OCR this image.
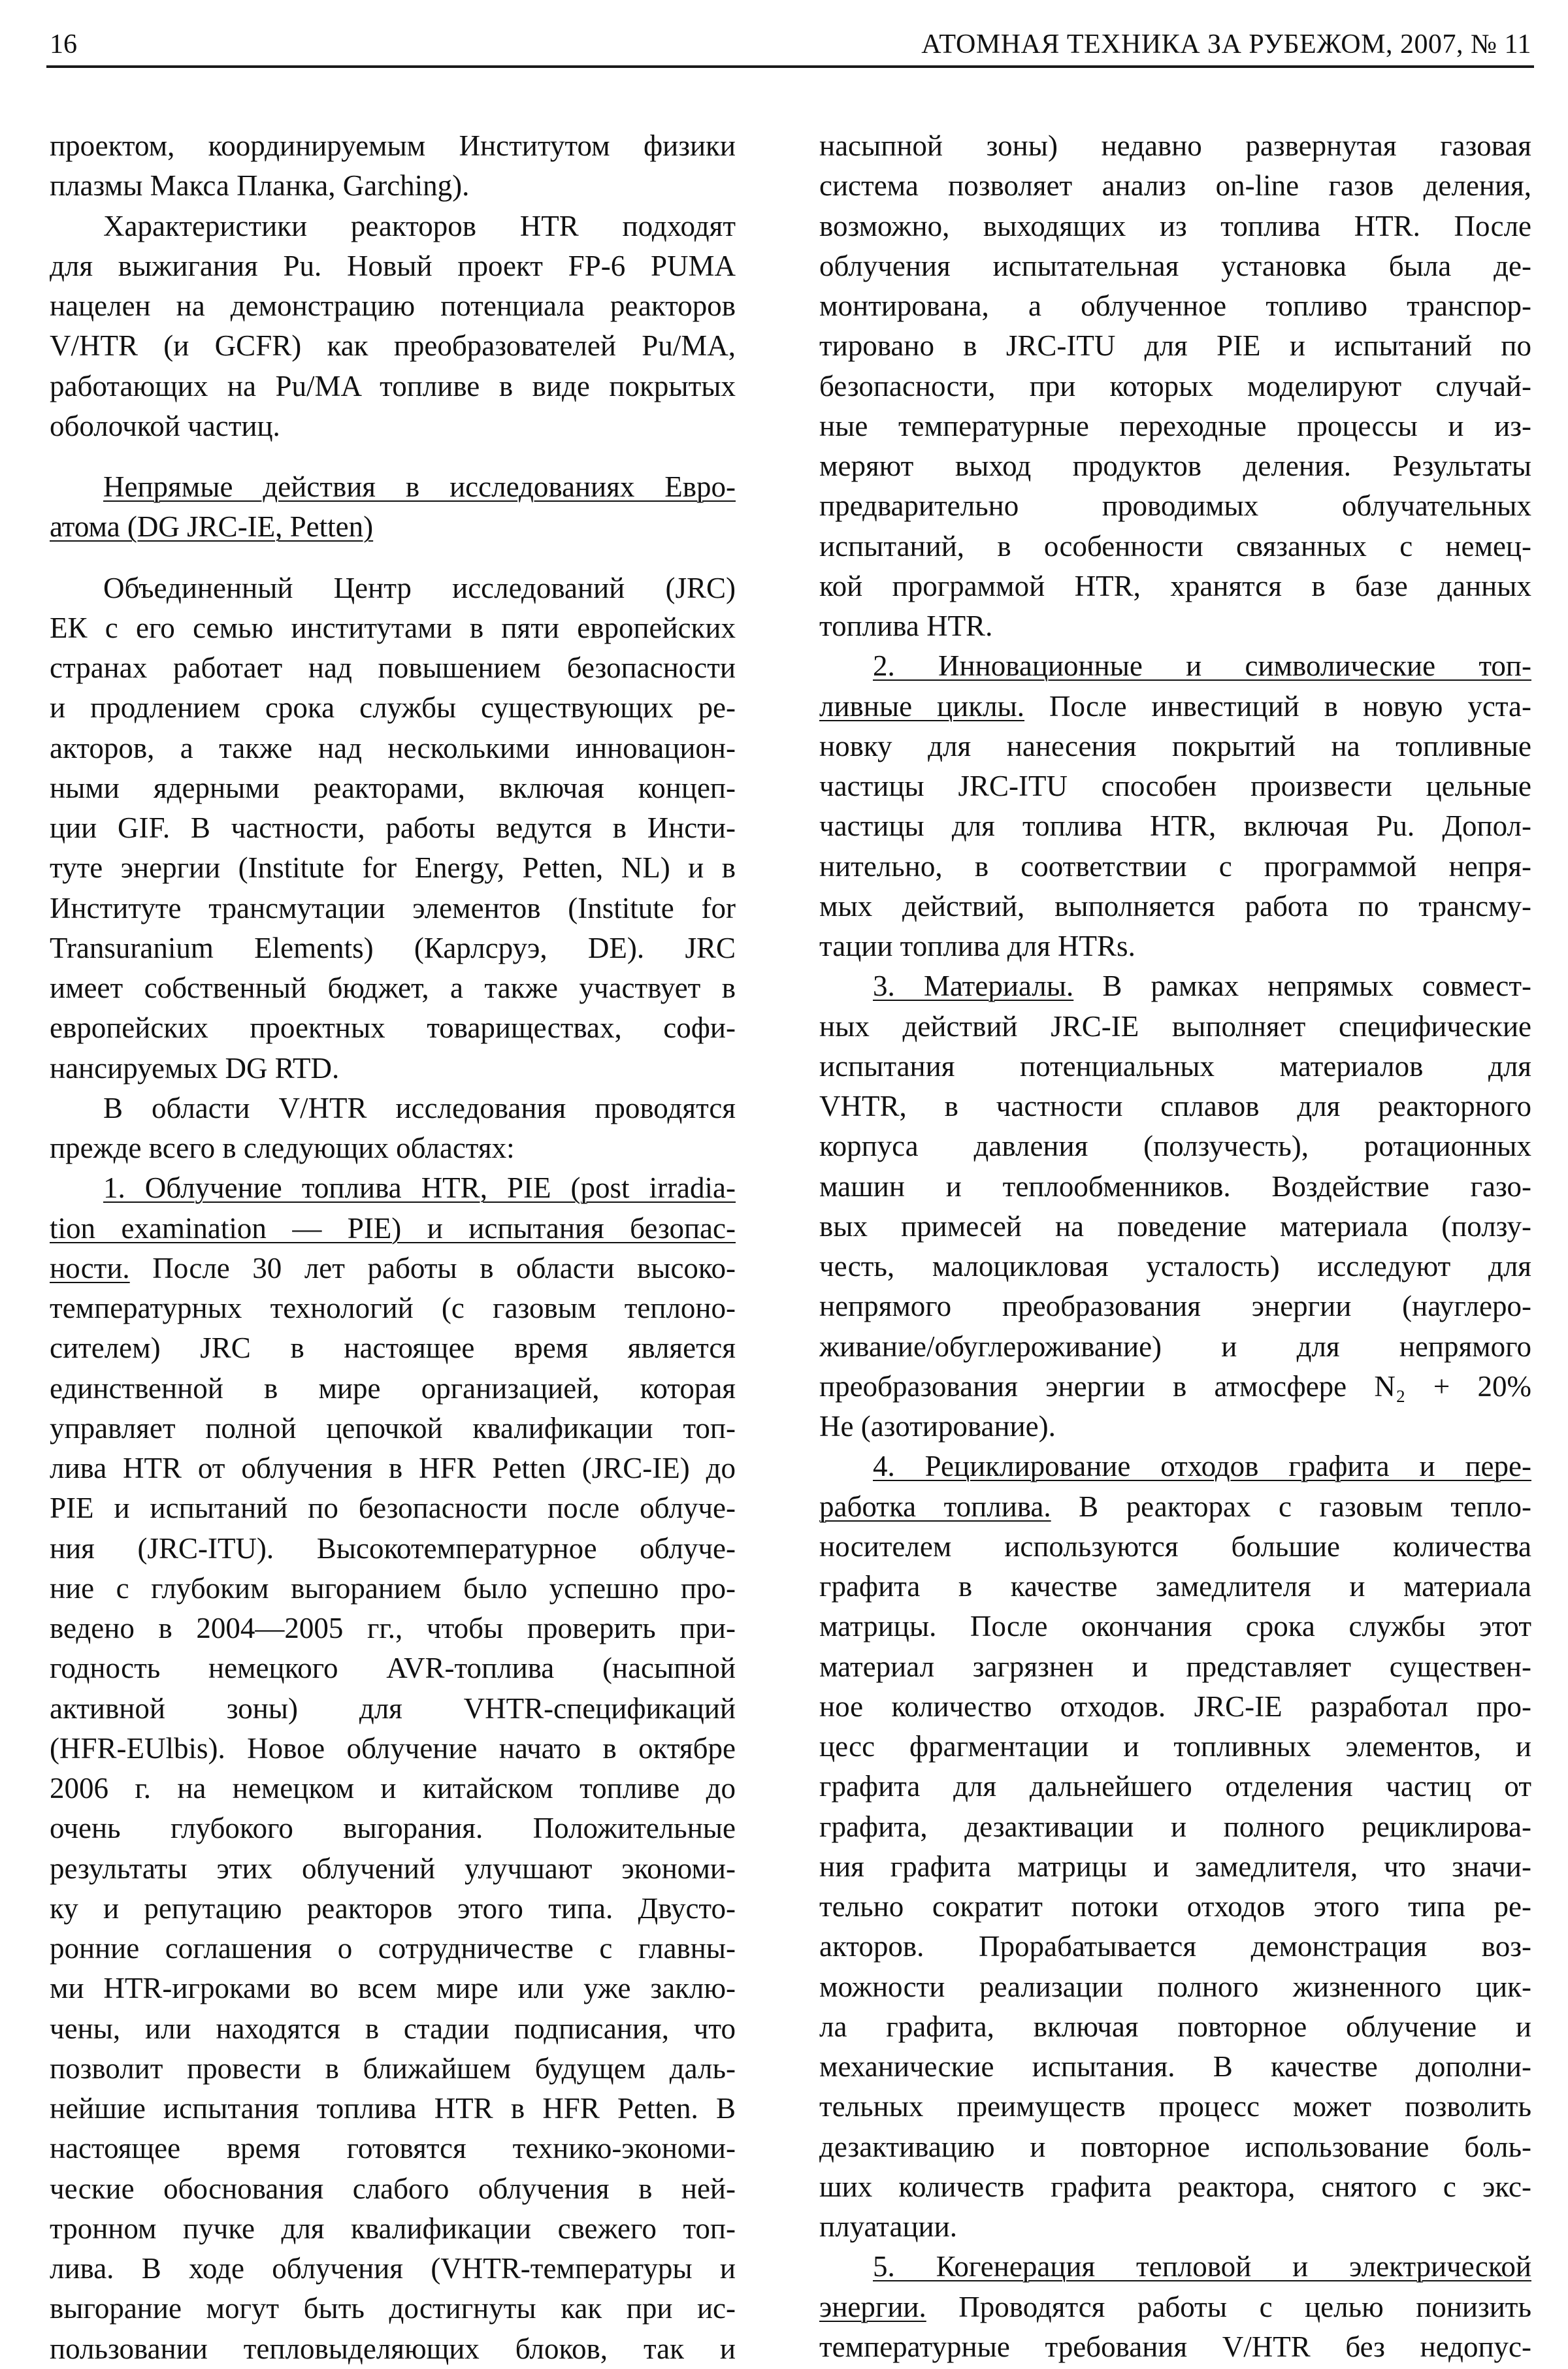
16	АТОМНАЯ ТЕХНИКА ЗА РУБЕЖОМ, 2007, № 11
проектом, координируемым Институтом физики
плазмы Макса Планка, Garching).
Характеристики реакторов HTR подходят
для выжигания Pu. Новый проект FP-6 PUMA
нацелен на демонстрацию потенциала реакторов
V/HTR (и GCFR) как преобразователей Pu/MA,
работающих на Pu/MA топливе в виде покрытых
оболочкой частиц.
Непрямые действия в исследованиях Евро-
атома (DG JRC-IE, Petten)
Объединенный Центр исследований (JRC)
ЕК с его семью институтами в пяти европейских
странах работает над повышением безопасности
и продлением срока службы существующих ре-
акторов, а также над несколькими инновацион-
ными ядерными реакторами, включая концеп-
ции GIF. В частности, работы ведутся в Инсти-
туте энергии (Institute for Energy, Petten, NL) и в
Институте трансмутации элементов (Institute for
Transuranium Elements) (Карлсруэ, DE). JRC
имеет собственный бюджет, а также участвует в
европейских проектных товариществах, софи-
нансируемых DG RTD.
В области V/HTR исследования проводятся
прежде всего в следующих областях:
1. Облучение топлива HTR, PIE (post irradia-
tion examination — PIE) и испытания безопас-
ности. После 30 лет работы в области высоко-
температурных технологий (с газовым теплоно-
сителем) JRC в настоящее время является
единственной в мире организацией, которая
управляет полной цепочкой квалификации топ-
лива HTR от облучения в HFR Petten (JRC-IE) до
PIE и испытаний по безопасности после облуче-
ния (JRC-ITU). Высокотемпературное облуче-
ние с глубоким выгоранием было успешно про-
ведено в 2004—2005 гг., чтобы проверить при-
годность немецкого AVR-топлива (насыпной
активной зоны) для VHTR-спецификаций
(HFR-EUlbis). Новое облучение начато в октябре
2006 г. на немецком и китайском топливе до
очень глубокого выгорания. Положительные
результаты этих облучений улучшают экономи-
ку и репутацию реакторов этого типа. Двусто-
ронние соглашения о сотрудничестве с главны-
ми HTR-игроками во всем мире или уже заклю-
чены, или находятся в стадии подписания, что
позволит провести в ближайшем будущем даль-
нейшие испытания топлива HTR в HFR Petten. В
настоящее время готовятся технико-экономи-
ческие обоснования слабого облучения в ней-
тронном пучке для квалификации свежего топ-
лива. В ходе облучения (VHTR-температуры и
выгорание могут быть достигнуты как при ис-
пользовании тепловыделяющих блоков, так и
насыпной зоны) недавно развернутая газовая
система позволяет анализ on-line газов деления,
возможно, выходящих из топлива HTR. После
облучения испытательная установка была де-
монтирована, а облученное топливо транспор-
тировано в JRC-ITU для PIE и испытаний по
безопасности, при которых моделируют случай-
ные температурные переходные процессы и из-
меряют выход продуктов деления. Результаты
предварительно проводимых облучательных
испытаний, в особенности связанных с немец-
кой программой HTR, хранятся в базе данных
топлива HTR.
2. Инновационные и символические топ-
ливные циклы. После инвестиций в новую уста-
новку для нанесения покрытий на топливные
частицы JRC-ITU способен произвести цельные
частицы для топлива HTR, включая Pu. Допол-
нительно, в соответствии с программой непря-
мых действий, выполняется работа по трансму-
тации топлива для HTRs.
3. Материалы. В рамках непрямых совмест-
ных действий JRC-IE выполняет специфические
испытания потенциальных материалов для
VHTR, в частности сплавов для реакторного
корпуса давления (ползучесть), ротационных
машин и теплообменников. Воздействие газо-
вых примесей на поведение материала (ползу-
честь, малоцикловая усталость) исследуют для
непрямого преобразования энергии (науглеро-
живание/обуглероживание) и для непрямого
преобразования энергии в атмосфере N₂ + 20%
He (азотирование).
4. Рециклирование отходов графита и пере-
работка топлива. В реакторах с газовым тепло-
носителем используются большие количества
графита в качестве замедлителя и материала
матрицы. После окончания срока службы этот
материал загрязнен и представляет существен-
ное количество отходов. JRC-IE разработал про-
цесс фрагментации и топливных элементов, и
графита для дальнейшего отделения частиц от
графита, дезактивации и полного рециклирова-
ния графита матрицы и замедлителя, что значи-
тельно сократит потоки отходов этого типа ре-
акторов. Прорабатывается демонстрация воз-
можности реализации полного жизненного цик-
ла графита, включая повторное облучение и
механические испытания. В качестве дополни-
тельных преимуществ процесс может позволить
дезактивацию и повторное использование боль-
ших количеств графита реактора, снятого с экс-
плуатации.
5. Когенерация тепловой и электрической
энергии. Проводятся работы с целью понизить
температурные требования V/HTR без недопус-
